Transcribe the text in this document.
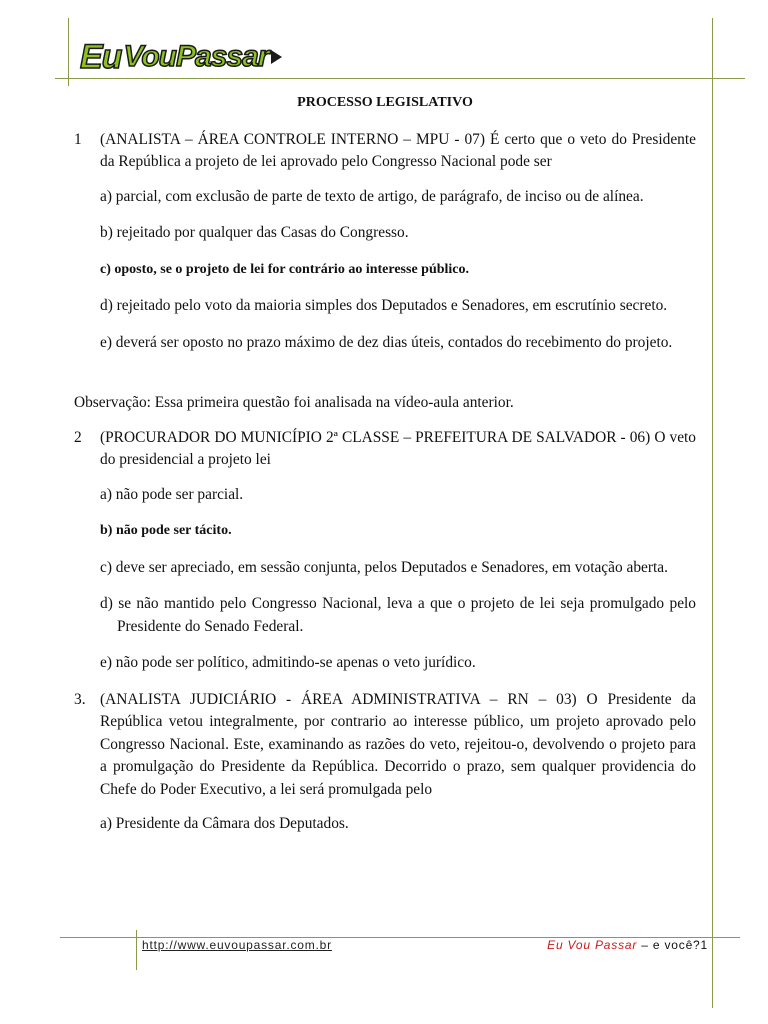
Eu Vou Passar
PROCESSO LEGISLATIVO
1	(ANALISTA – ÁREA CONTROLE INTERNO – MPU - 07) É certo que o veto do Presidente da República a projeto de lei aprovado pelo Congresso Nacional pode ser
a) parcial, com exclusão de parte de texto de artigo, de parágrafo, de inciso ou de alínea.
b) rejeitado por qualquer das Casas do Congresso.
c) oposto, se o projeto de lei for contrário ao interesse público.
d) rejeitado pelo voto da maioria simples dos Deputados e Senadores, em escrutínio secreto.
e) deverá ser oposto no prazo máximo de dez dias úteis, contados do recebimento do projeto.
Observação: Essa primeira questão foi analisada na vídeo-aula anterior.
2	(PROCURADOR DO MUNICÍPIO 2ª CLASSE – PREFEITURA DE SALVADOR - 06) O veto do presidencial a projeto lei
a) não pode ser parcial.
b) não pode ser tácito.
c) deve ser apreciado, em sessão conjunta, pelos Deputados e Senadores, em votação aberta.
d) se não mantido pelo Congresso Nacional, leva a que o projeto de lei seja promulgado pelo Presidente do Senado Federal.
e) não pode ser político, admitindo-se apenas o veto jurídico.
3. (ANALISTA JUDICIÁRIO - ÁREA ADMINISTRATIVA – RN – 03) O Presidente da República vetou integralmente, por contrario ao interesse público, um projeto aprovado pelo Congresso Nacional. Este, examinando as razões do veto, rejeitou-o, devolvendo o projeto para a promulgação do Presidente da República. Decorrido o prazo, sem qualquer providencia do Chefe do Poder Executivo, a lei será promulgada pelo
a) Presidente da Câmara dos Deputados.
http://www.euvoupassar.com.br	Eu Vou Passar – e você?1
